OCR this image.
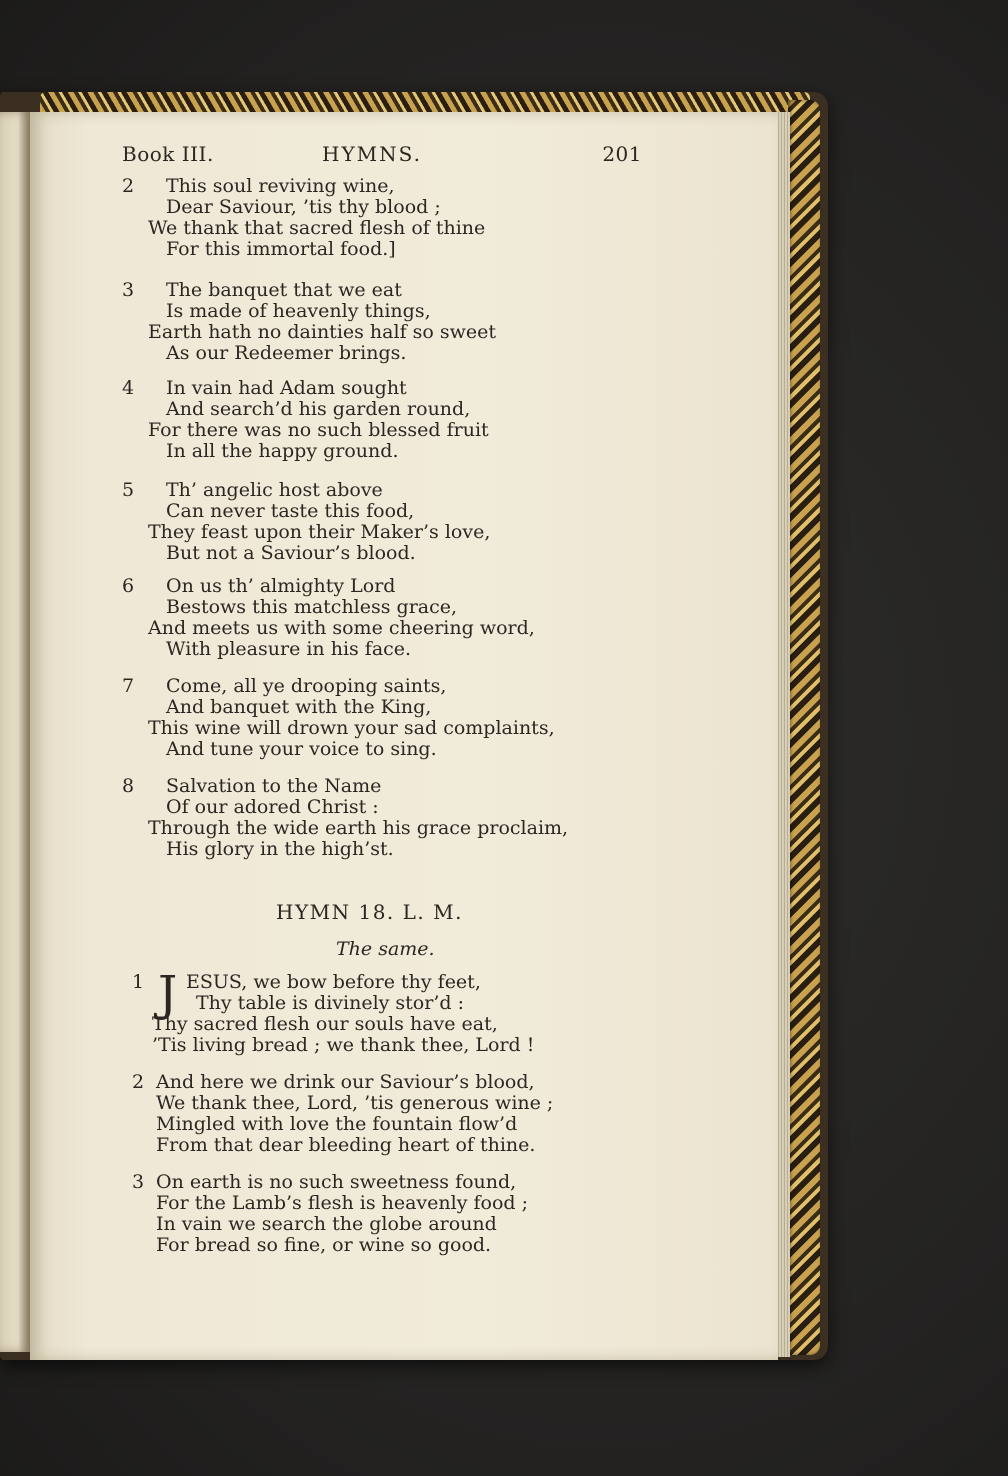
Book III.	HYMNS.	201
2	This soul reviving wine,
Dear Saviour, ’tis thy blood ;
We thank that sacred flesh of thine
For this immortal food.]
3	The banquet that we eat
Is made of heavenly things,
Earth hath no dainties half so sweet
As our Redeemer brings.
4	In vain had Adam sought
And search’d his garden round,
For there was no such blessed fruit
In all the happy ground.
5	Th’ angelic host above
Can never taste this food,
They feast upon their Maker’s love,
But not a Saviour’s blood.
6	On us th’ almighty Lord
Bestows this matchless grace,
And meets us with some cheering word,
With pleasure in his face.
7	Come, all ye drooping saints,
And banquet with the King,
This wine will drown your sad complaints,
And tune your voice to sing.
8	Salvation to the Name
Of our adored Christ :
Through the wide earth his grace proclaim,
His glory in the high’st.
HYMN 18. L. M.
The same.
J
1	ESUS, we bow before thy feet,
Thy table is divinely stor’d :
Thy sacred flesh our souls have eat,
’Tis living bread ; we thank thee, Lord !
2 And here we drink our Saviour’s blood,
We thank thee, Lord, ’tis generous wine ;
Mingled with love the fountain flow’d
From that dear bleeding heart of thine.
3 On earth is no such sweetness found,
For the Lamb’s flesh is heavenly food ;
In vain we search the globe around
For bread so fine, or wine so good.
